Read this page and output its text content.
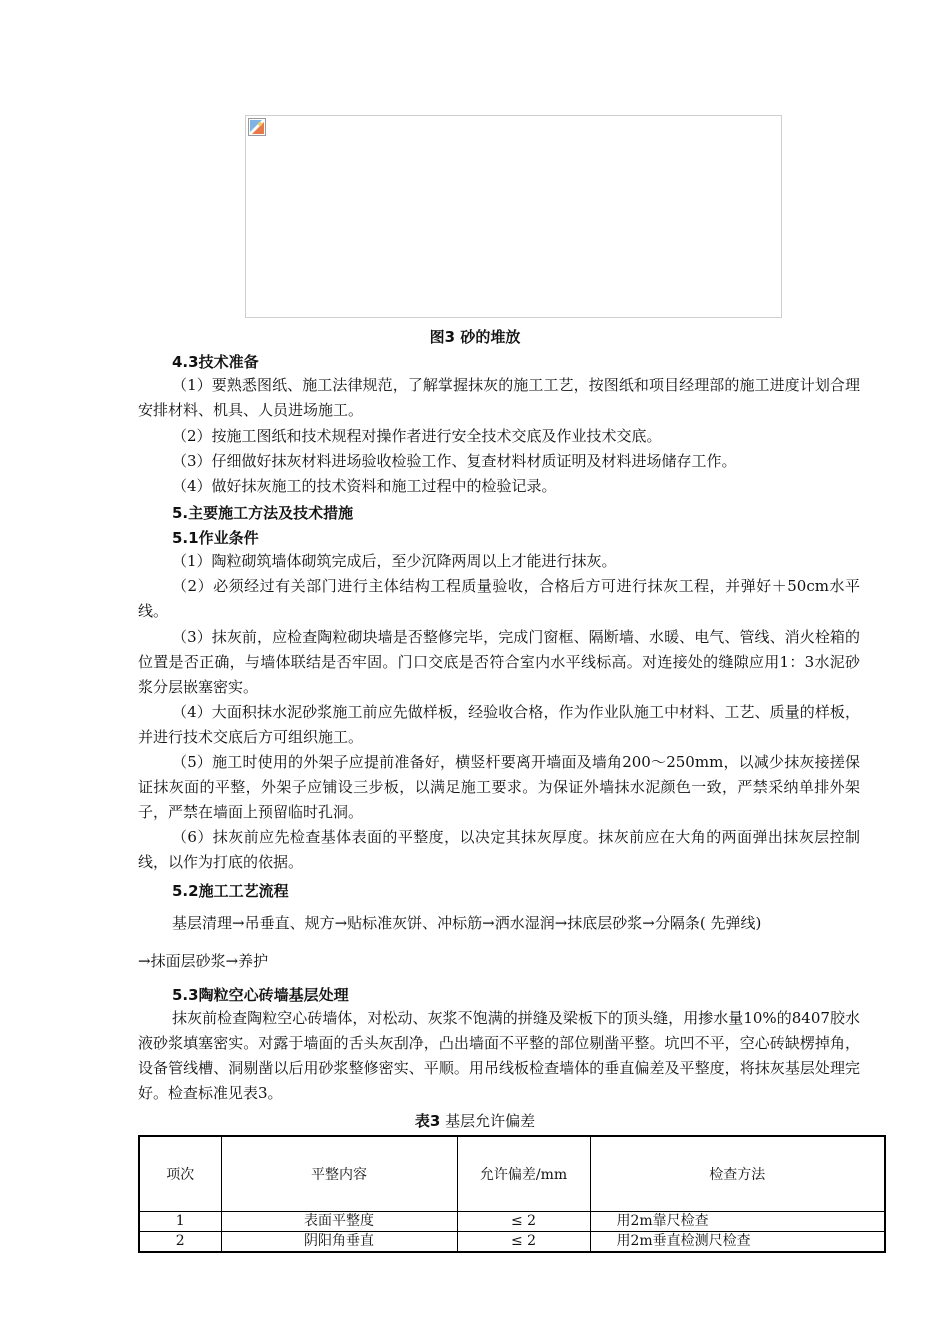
图3 砂的堆放
4.3技术准备
（1）要熟悉图纸、施工法律规范，了解掌握抹灰的施工工艺，按图纸和项目经理部的施工进度计划合理安排材料、机具、人员进场施工。
（2）按施工图纸和技术规程对操作者进行安全技术交底及作业技术交底。
（3）仔细做好抹灰材料进场验收检验工作、复查材料材质证明及材料进场储存工作。
（4）做好抹灰施工的技术资料和施工过程中的检验记录。
5.主要施工方法及技术措施
5.1作业条件
（1）陶粒砌筑墙体砌筑完成后，至少沉降两周以上才能进行抹灰。
（2）必须经过有关部门进行主体结构工程质量验收，合格后方可进行抹灰工程，并弹好＋50cm水平线。
（3）抹灰前，应检查陶粒砌块墙是否整修完毕，完成门窗框、隔断墙、水暖、电气、管线、消火栓箱的位置是否正确，与墙体联结是否牢固。门口交底是否符合室内水平线标高。对连接处的缝隙应用1：3水泥砂浆分层嵌塞密实。
（4）大面积抹水泥砂浆施工前应先做样板，经验收合格，作为作业队施工中材料、工艺、质量的样板，并进行技术交底后方可组织施工。
（5）施工时使用的外架子应提前准备好，横竖杆要离开墙面及墙角200～250mm，以减少抹灰接搓保证抹灰面的平整，外架子应铺设三步板，以满足施工要求。为保证外墙抹水泥颜色一致，严禁采纳单排外架子，严禁在墙面上预留临时孔洞。
（6）抹灰前应先检查基体表面的平整度，以决定其抹灰厚度。抹灰前应在大角的两面弹出抹灰层控制线，以作为打底的依据。
5.2施工工艺流程
基层清理→吊垂直、规方→贴标准灰饼、冲标筋→洒水湿润→抹底层砂浆→分隔条( 先弹线)
→抹面层砂浆→养护
5.3陶粒空心砖墙基层处理
抹灰前检查陶粒空心砖墙体，对松动、灰浆不饱满的拼缝及梁板下的顶头缝，用掺水量10%的8407胶水液砂浆填塞密实。对露于墙面的舌头灰刮净，凸出墙面不平整的部位剔凿平整。坑凹不平，空心砖缺楞掉角，设备管线槽、洞剔凿以后用砂浆整修密实、平顺。用吊线板检查墙体的垂直偏差及平整度，将抹灰基层处理完好。检查标准见表3。
表3 基层允许偏差
项次	平整内容	允许偏差/mm	检查方法
1	表面平整度	≤ 2	用2m靠尺检查
2	阴阳角垂直	≤ 2	用2m垂直检测尺检查
